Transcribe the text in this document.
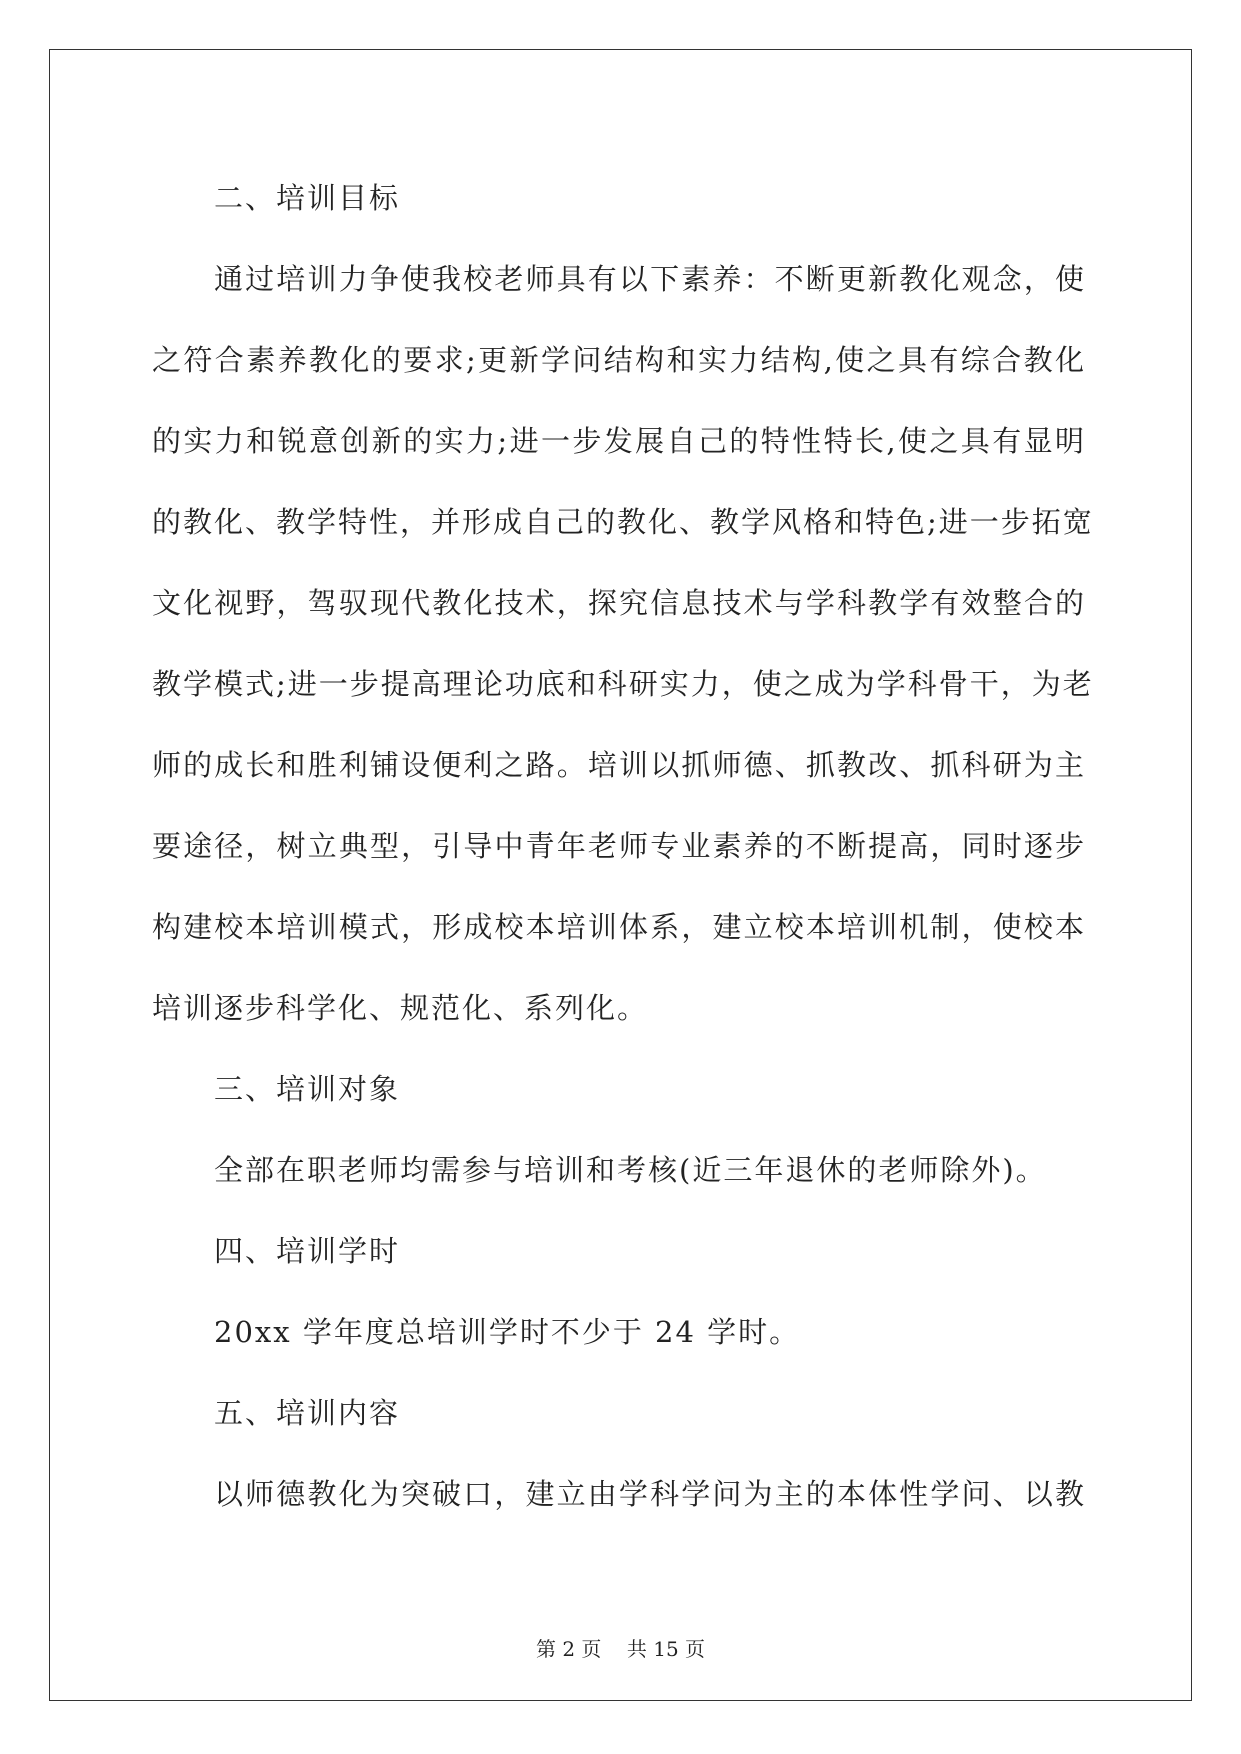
二、培训目标
通过培训力争使我校老师具有以下素养：不断更新教化观念，使
之符合素养教化的要求;更新学问结构和实力结构,使之具有综合教化
的实力和锐意创新的实力;进一步发展自己的特性特长,使之具有显明
的教化、教学特性，并形成自己的教化、教学风格和特色;进一步拓宽
文化视野，驾驭现代教化技术，探究信息技术与学科教学有效整合的
教学模式;进一步提高理论功底和科研实力，使之成为学科骨干，为老
师的成长和胜利铺设便利之路。培训以抓师德、抓教改、抓科研为主
要途径，树立典型，引导中青年老师专业素养的不断提高，同时逐步
构建校本培训模式，形成校本培训体系，建立校本培训机制，使校本
培训逐步科学化、规范化、系列化。
三、培训对象
全部在职老师均需参与培训和考核(近三年退休的老师除外)。
四、培训学时
20xx 学年度总培训学时不少于 24 学时。
五、培训内容
以师德教化为突破口，建立由学科学问为主的本体性学问、以教
第 2 页 共 15 页
